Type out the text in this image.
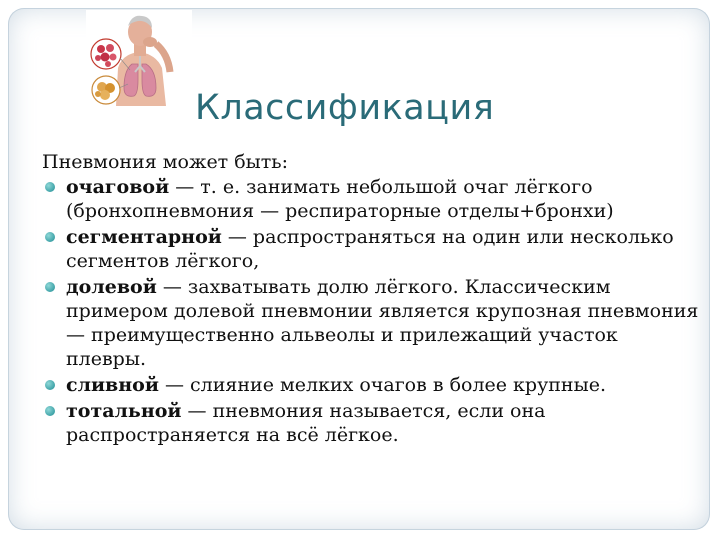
Классификация

Пневмония может быть:

очаговой — т. е. занимать небольшой очаг лёгкого (бронхопневмония — респираторные отделы+бронхи)
сегментарной — распространяться на один или несколько сегментов лёгкого,
долевой — захватывать долю лёгкого. Классическим примером долевой пневмонии является крупозная пневмония — преимущественно альвеолы и прилежащий участок плевры.
сливной — слияние мелких очагов в более крупные.
тотальной — пневмония называется, если она распространяется на всё лёгкое.
